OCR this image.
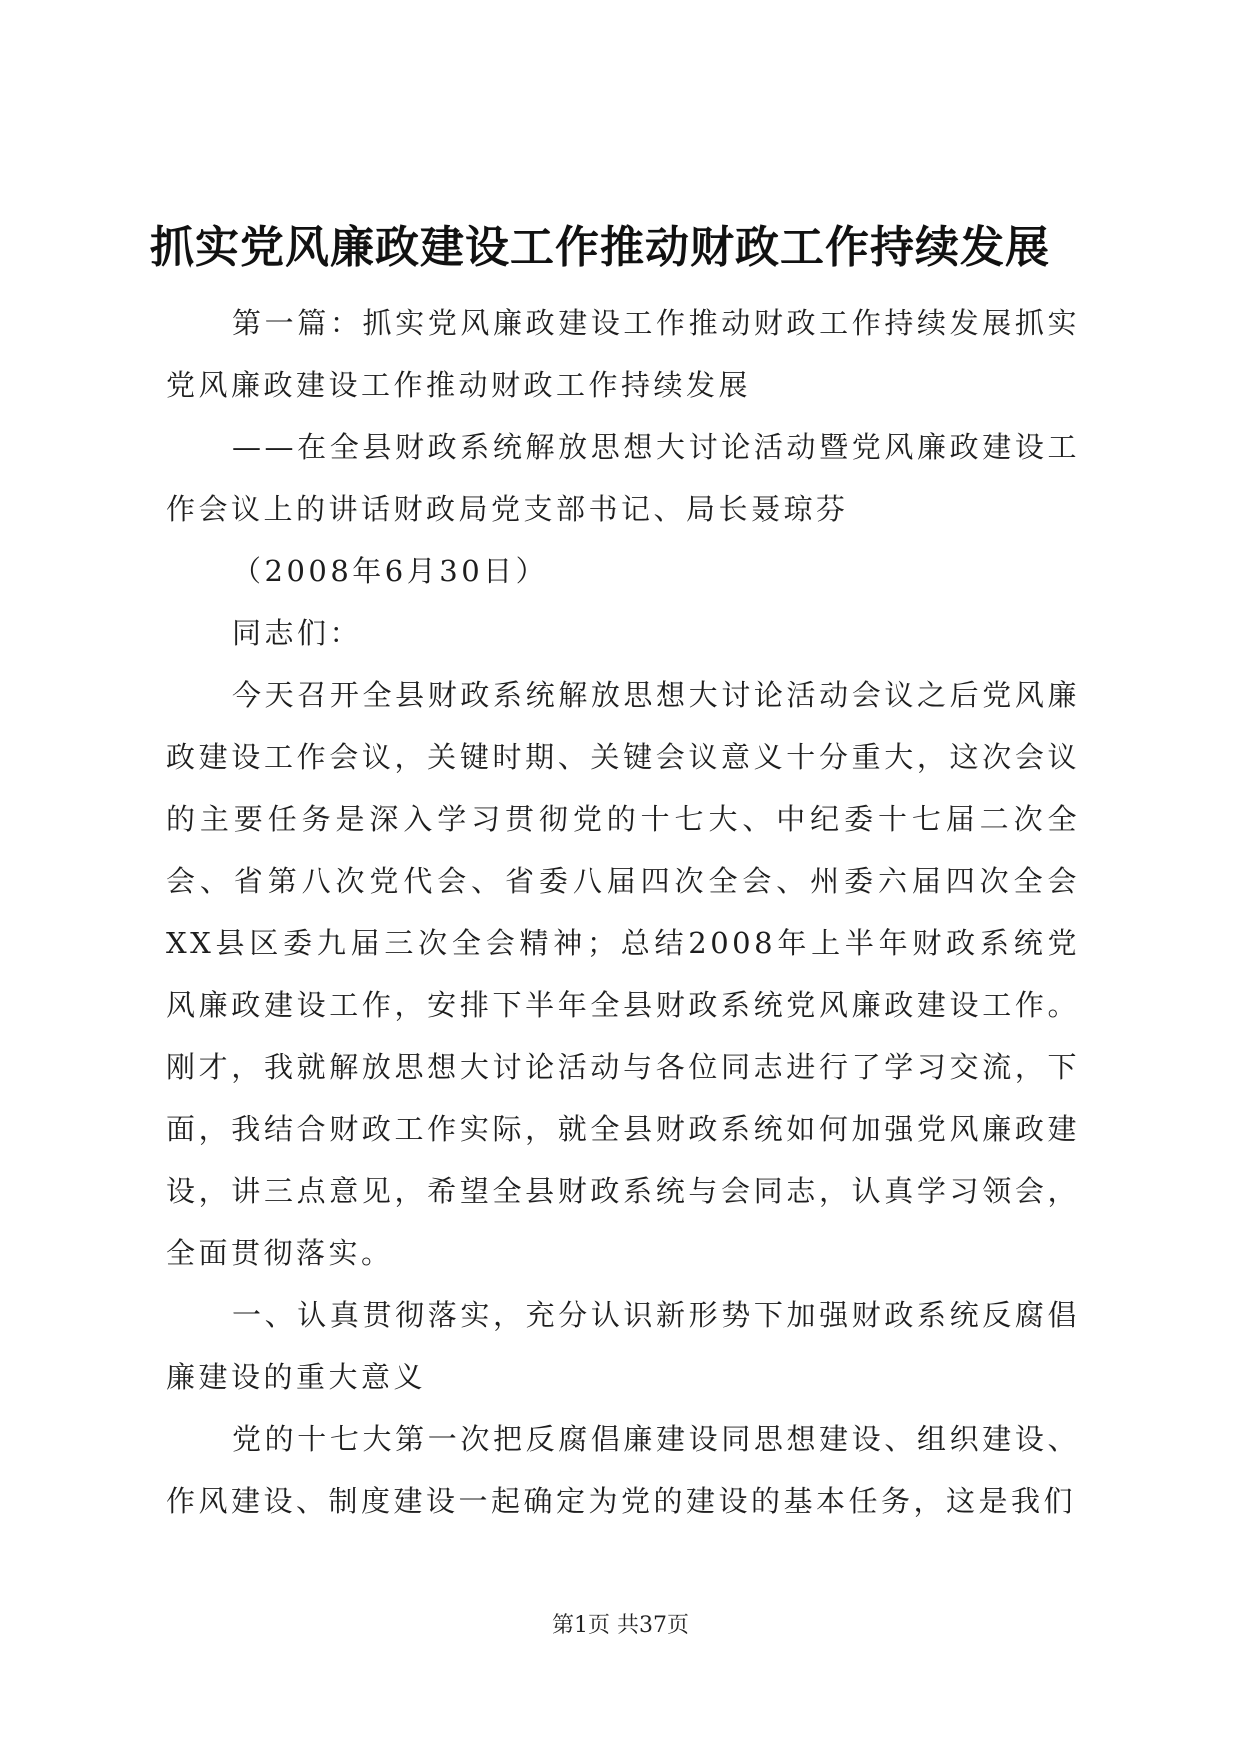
抓实党风廉政建设工作推动财政工作持续发展

第一篇：抓实党风廉政建设工作推动财政工作持续发展抓实党风廉政建设工作推动财政工作持续发展

——在全县财政系统解放思想大讨论活动暨党风廉政建设工作会议上的讲话财政局党支部书记、局长聂琼芬

（2008年6月30日）

同志们：

今天召开全县财政系统解放思想大讨论活动会议之后党风廉政建设工作会议，关键时期、关键会议意义十分重大，这次会议的主要任务是深入学习贯彻党的十七大、中纪委十七届二次全会、省第八次党代会、省委八届四次全会、州委六届四次全会XX县区委九届三次全会精神；总结2008年上半年财政系统党风廉政建设工作，安排下半年全县财政系统党风廉政建设工作。刚才，我就解放思想大讨论活动与各位同志进行了学习交流，下面，我结合财政工作实际，就全县财政系统如何加强党风廉政建设，讲三点意见，希望全县财政系统与会同志，认真学习领会，全面贯彻落实。

一、认真贯彻落实，充分认识新形势下加强财政系统反腐倡廉建设的重大意义

党的十七大第一次把反腐倡廉建设同思想建设、组织建设、作风建设、制度建设一起确定为党的建设的基本任务，这是我们

第1页 共37页
